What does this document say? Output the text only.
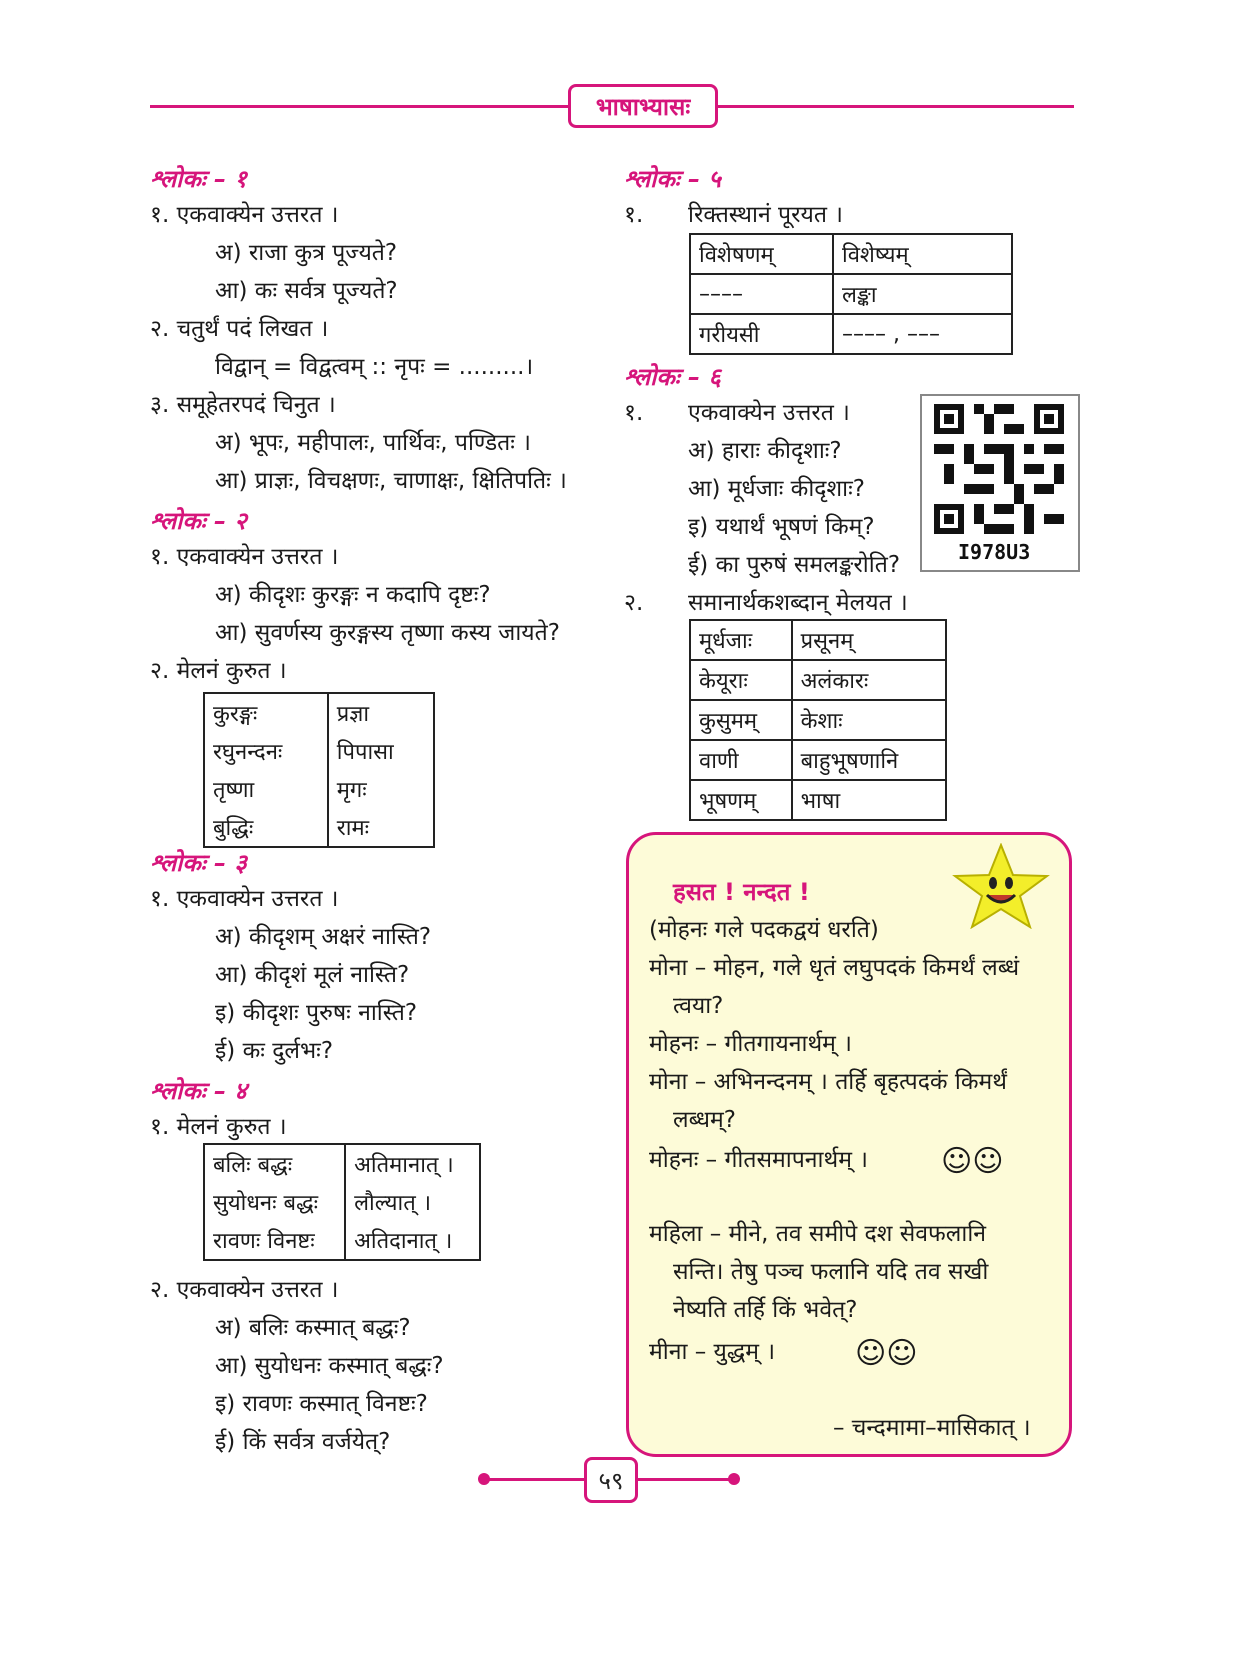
भाषाभ्यासः
श्लोकः – १
१. एकवाक्येन उत्तरत ।
अ) राजा कुत्र पूज्यते?
आ) कः सर्वत्र पूज्यते?
२. चतुर्थं पदं लिखत ।
विद्वान् = विद्वत्वम् :: नृपः = .........।
३. समूहेतरपदं चिनुत ।
अ) भूपः, महीपालः, पार्थिवः, पण्डितः ।
आ) प्राज्ञः, विचक्षणः, चाणाक्षः, क्षितिपतिः ।
श्लोकः – २
१. एकवाक्येन उत्तरत ।
अ) कीदृशः कुरङ्गः न कदापि दृष्टः?
आ) सुवर्णस्य कुरङ्गस्य तृष्णा कस्य जायते?
२. मेलनं कुरुत ।
कुरङ्गः	प्रज्ञा
रघुनन्दनः	पिपासा
तृष्णा	मृगः
बुद्धिः	रामः
श्लोकः – ३
१. एकवाक्येन उत्तरत ।
अ) कीदृशम् अक्षरं नास्ति?
आ) कीदृशं मूलं नास्ति?
इ) कीदृशः पुरुषः नास्ति?
ई) कः दुर्लभः?
श्लोकः – ४
१. मेलनं कुरुत ।
बलिः बद्धः	अतिमानात् ।
सुयोधनः बद्धः	लौल्यात् ।
रावणः विनष्टः	अतिदानात् ।
२. एकवाक्येन उत्तरत ।
अ) बलिः कस्मात् बद्धः?
आ) सुयोधनः कस्मात् बद्धः?
इ) रावणः कस्मात् विनष्टः?
ई) किं सर्वत्र वर्जयेत्?
श्लोकः – ५
१. रिक्तस्थानं पूरयत ।
विशेषणम्	विशेष्यम्
––––	लङ्का
गरीयसी	–––– , –––
श्लोकः – ६
१. एकवाक्येन उत्तरत ।
अ) हाराः कीदृशाः?
आ) मूर्धजाः कीदृशाः?
इ) यथार्थं भूषणं किम्?
ई) का पुरुषं समलङ्करोति?
२. समानार्थकशब्दान् मेलयत ।
मूर्धजाः	प्रसूनम्
केयूराः	अलंकारः
कुसुमम्	केशाः
वाणी	बाहुभूषणानि
भूषणम्	भाषा
I978U3
हसत ! नन्दत !
(मोहनः गले पदकद्वयं धरति)
मोना – मोहन, गले धृतं लघुपदकं किमर्थं लब्धं
त्वया?
मोहनः – गीतगायनार्थम् ।
मोना – अभिनन्दनम् । तर्हि बृहत्पदकं किमर्थं
लब्धम्?
मोहनः – गीतसमापनार्थम् । ☺☺
महिला – मीने, तव समीपे दश सेवफलानि
सन्ति। तेषु पञ्च फलानि यदि तव सखी
नेष्यति तर्हि किं भवेत्?
मीना – युद्धम् ।	☺☺
– चन्दमामा–मासिकात् ।
५९
